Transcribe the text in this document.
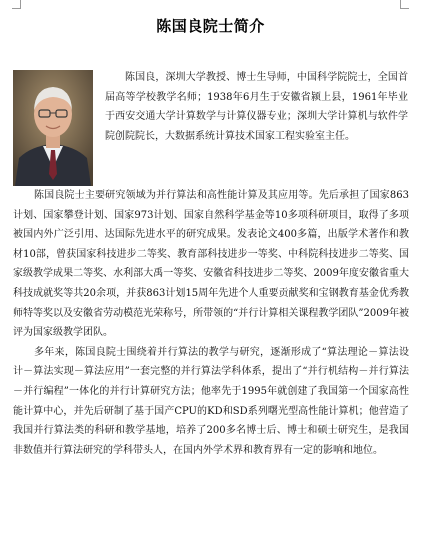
陈国良院士简介
陈国良，深圳大学教授、博士生导师，中国科学院院士，全国首届高等学校教学名师；1938年6月生于安徽省颍上县，1961年毕业于西安交通大学计算数学与计算仪器专业；深圳大学计算机与软件学院创院院长，大数据系统计算技术国家工程实验室主任。

陈国良院士主要研究领域为并行算法和高性能计算及其应用等。先后承担了国家863计划、国家攀登计划、国家973计划、国家自然科学基金等10多项科研项目，取得了多项被国内外广泛引用、达国际先进水平的研究成果。发表论文400多篇，出版学术著作和教材10部，曾获国家科技进步二等奖、教育部科技进步一等奖、中科院科技进步二等奖、国家级教学成果二等奖、水利部大禹一等奖、安徽省科技进步二等奖、2009年度安徽省重大科技成就奖等共20余项，并获863计划15周年先进个人重要贡献奖和宝钢教育基金优秀教师特等奖以及安徽省劳动模范光荣称号，所带领的“并行计算相关课程教学团队”2009年被评为国家级教学团队。

多年来，陈国良院士围绕着并行算法的教学与研究，逐渐形成了“算法理论－算法设计－算法实现－算法应用”一套完整的并行算法学科体系，提出了“并行机结构－并行算法－并行编程”一体化的并行计算研究方法；他率先于1995年就创建了我国第一个国家高性能计算中心，并先后研制了基于国产CPU的KD和SD系列曙光型高性能计算机；他营造了我国并行算法类的科研和教学基地，培养了200多名博士后、博士和硕士研究生，是我国非数值并行算法研究的学科带头人，在国内外学术界和教育界有一定的影响和地位。
